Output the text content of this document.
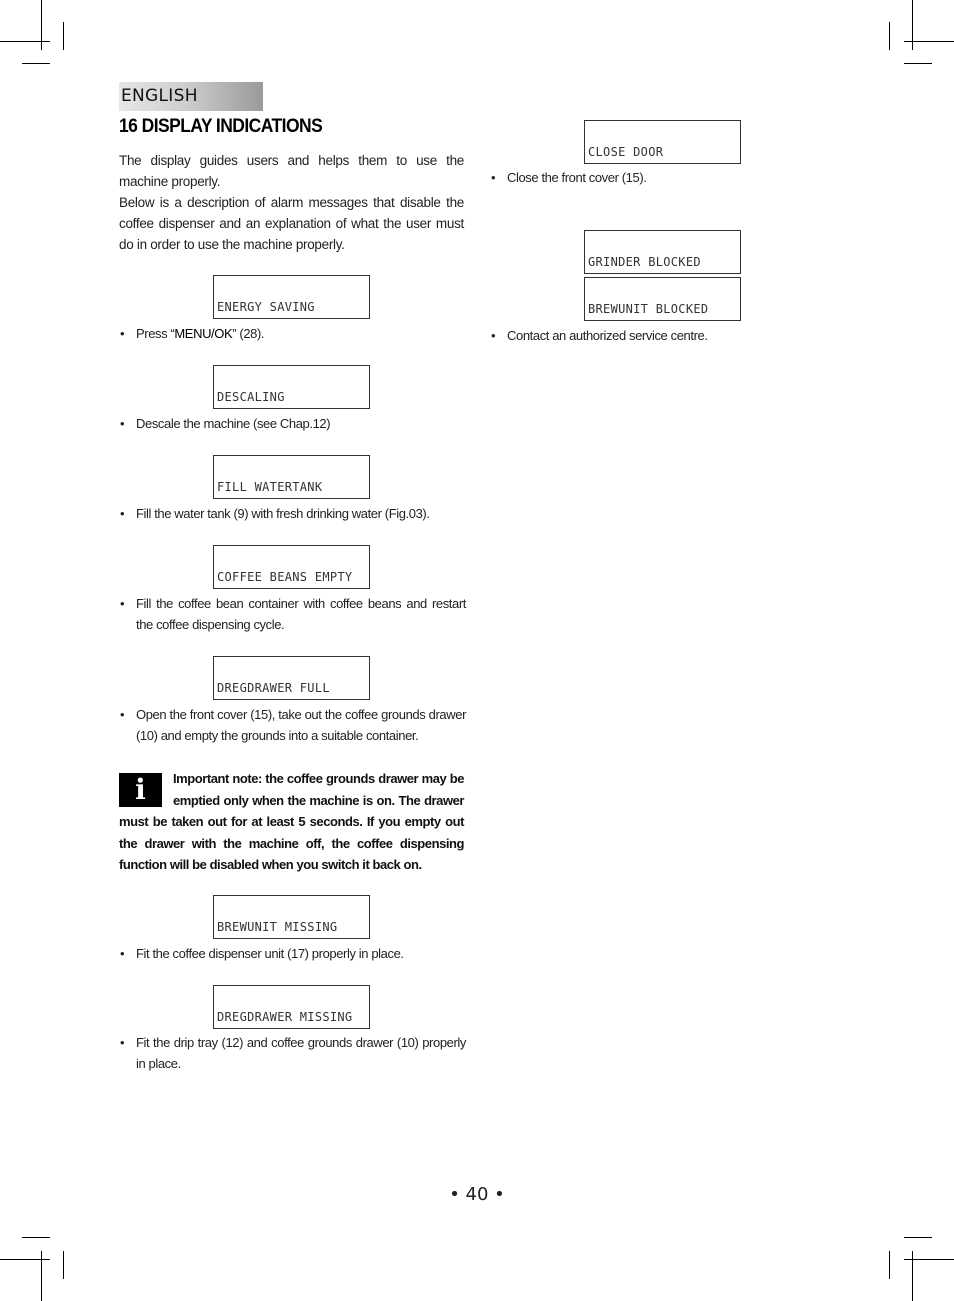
ENGLISH
16 DISPLAY INDICATIONS

The display guides users and helps them to use the machine properly.

Below is a description of alarm messages that disable the coffee dispenser and an explanation of what the user must do in order to use the machine properly.

ENERGY SAVING

• Press “MENU/OK” (28).

DESCALING

• Descale the machine (see Chap.12)

FILL WATERTANK

• Fill the water tank (9) with fresh drinking water (Fig.03).

COFFEE BEANS EMPTY

• Fill the coffee bean container with coffee beans and restart the coffee dispensing cycle.

DREGDRAWER FULL

• Open the front cover (15), take out the coffee grounds drawer (10) and empty the grounds into a suitable container.

i	Important note: the coffee grounds drawer may be emptied only when the machine is on. The drawer must be taken out for at least 5 seconds. If you empty out the drawer with the machine off, the coffee dispensing function will be disabled when you switch it back on.

BREWUNIT MISSING

• Fit the coffee dispenser unit (17) properly in place.

DREGDRAWER MISSING

• Fit the drip tray (12) and coffee grounds drawer (10) properly in place.

CLOSE DOOR

• Close the front cover (15).

GRINDER BLOCKED
BREWUNIT BLOCKED

• Contact an authorized service centre.

• 40 •
